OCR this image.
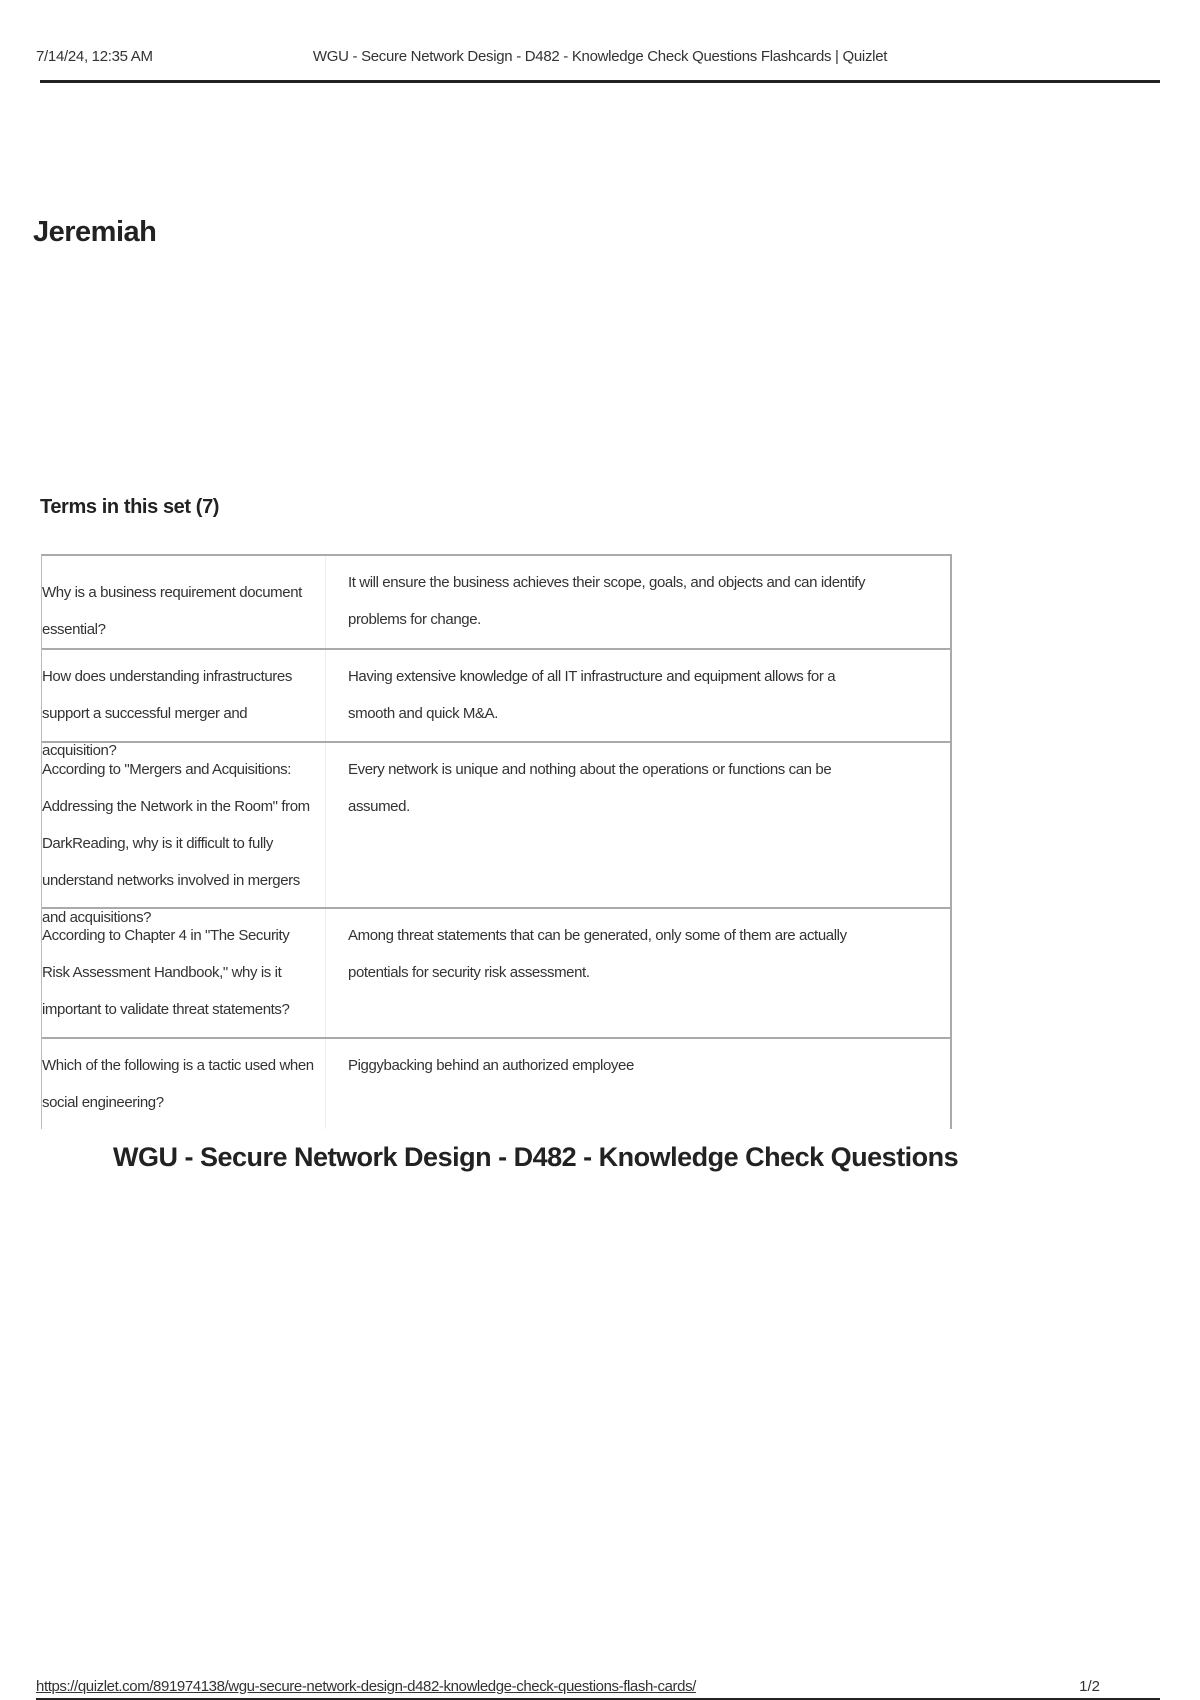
7/14/24, 12:35 AM	WGU - Secure Network Design - D482 - Knowledge Check Questions Flashcards | Quizlet
Jeremiah
Terms in this set (7)
Why is a business requirement document essential?
It will ensure the business achieves their scope, goals, and objects and can identify problems for change.
How does understanding infrastructures support a successful merger and acquisition?
Having extensive knowledge of all IT infrastructure and equipment allows for a smooth and quick M&A.
According to "Mergers and Acquisitions: Addressing the Network in the Room" from DarkReading, why is it difficult to fully understand networks involved in mergers and acquisitions?
Every network is unique and nothing about the operations or functions can be assumed.
According to Chapter 4 in "The Security Risk Assessment Handbook," why is it important to validate threat statements?
Among threat statements that can be generated, only some of them are actually potentials for security risk assessment.
Which of the following is a tactic used when social engineering?
Piggybacking behind an authorized employee
WGU - Secure Network Design - D482 - Knowledge Check Questions
https://quizlet.com/891974138/wgu-secure-network-design-d482-knowledge-check-questions-flash-cards/	1/2
